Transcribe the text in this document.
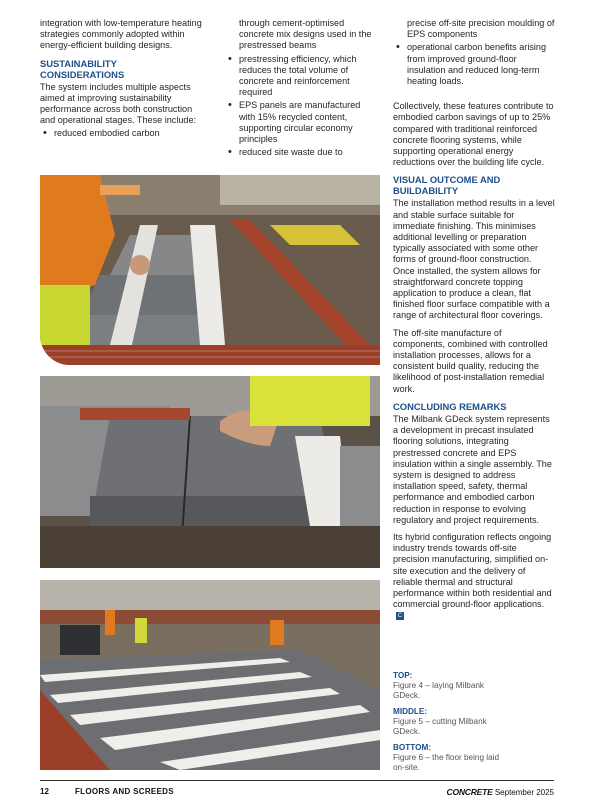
integration with low-temperature heating strategies commonly adopted within energy-efficient building designs.

SUSTAINABILITY CONSIDERATIONS

The system includes multiple aspects aimed at improving sustainability performance across both construction and operational stages. These include:

• reduced embodied carbon

through cement-optimised concrete mix designs used in the prestressed beams

• prestressing efficiency, which reduces the total volume of concrete and reinforcement required
• EPS panels are manufactured with 15% recycled content, supporting circular economy principles
• reduced site waste due to

precise off-site precision moulding of EPS components

• operational carbon benefits arising from improved ground-floor insulation and reduced long-term heating loads.

Collectively, these features contribute to embodied carbon savings of up to 25% compared with traditional reinforced concrete flooring systems, while supporting operational energy reductions over the building life cycle.

VISUAL OUTCOME AND BUILDABILITY

The installation method results in a level and stable surface suitable for immediate finishing. This minimises additional levelling or preparation typically associated with some other forms of ground-floor construction. Once installed, the system allows for straightforward concrete topping application to produce a clean, flat finished floor surface compatible with a range of architectural floor coverings.

The off-site manufacture of components, combined with controlled installation processes, allows for a consistent build quality, reducing the likelihood of post-installation remedial work.

CONCLUDING REMARKS

The Milbank GDeck system represents a development in precast insulated flooring solutions, integrating prestressed concrete and EPS insulation within a single assembly. The system is designed to address installation speed, safety, thermal performance and embodied carbon reduction in response to evolving regulatory and project requirements.

Its hybrid configuration reflects ongoing industry trends towards off-site precision manufacturing, simplified on-site execution and the delivery of reliable thermal and structural performance within both residential and commercial ground-floor applications.C

TOP:
Figure 4 – laying Milbank GDeck.
MIDDLE:
Figure 5 – cutting Milbank GDeck.
BOTTOM:
Figure 6 – the floor being laid on-site.
12	FLOORS AND SCREEDS	CONCRETE September 2025
